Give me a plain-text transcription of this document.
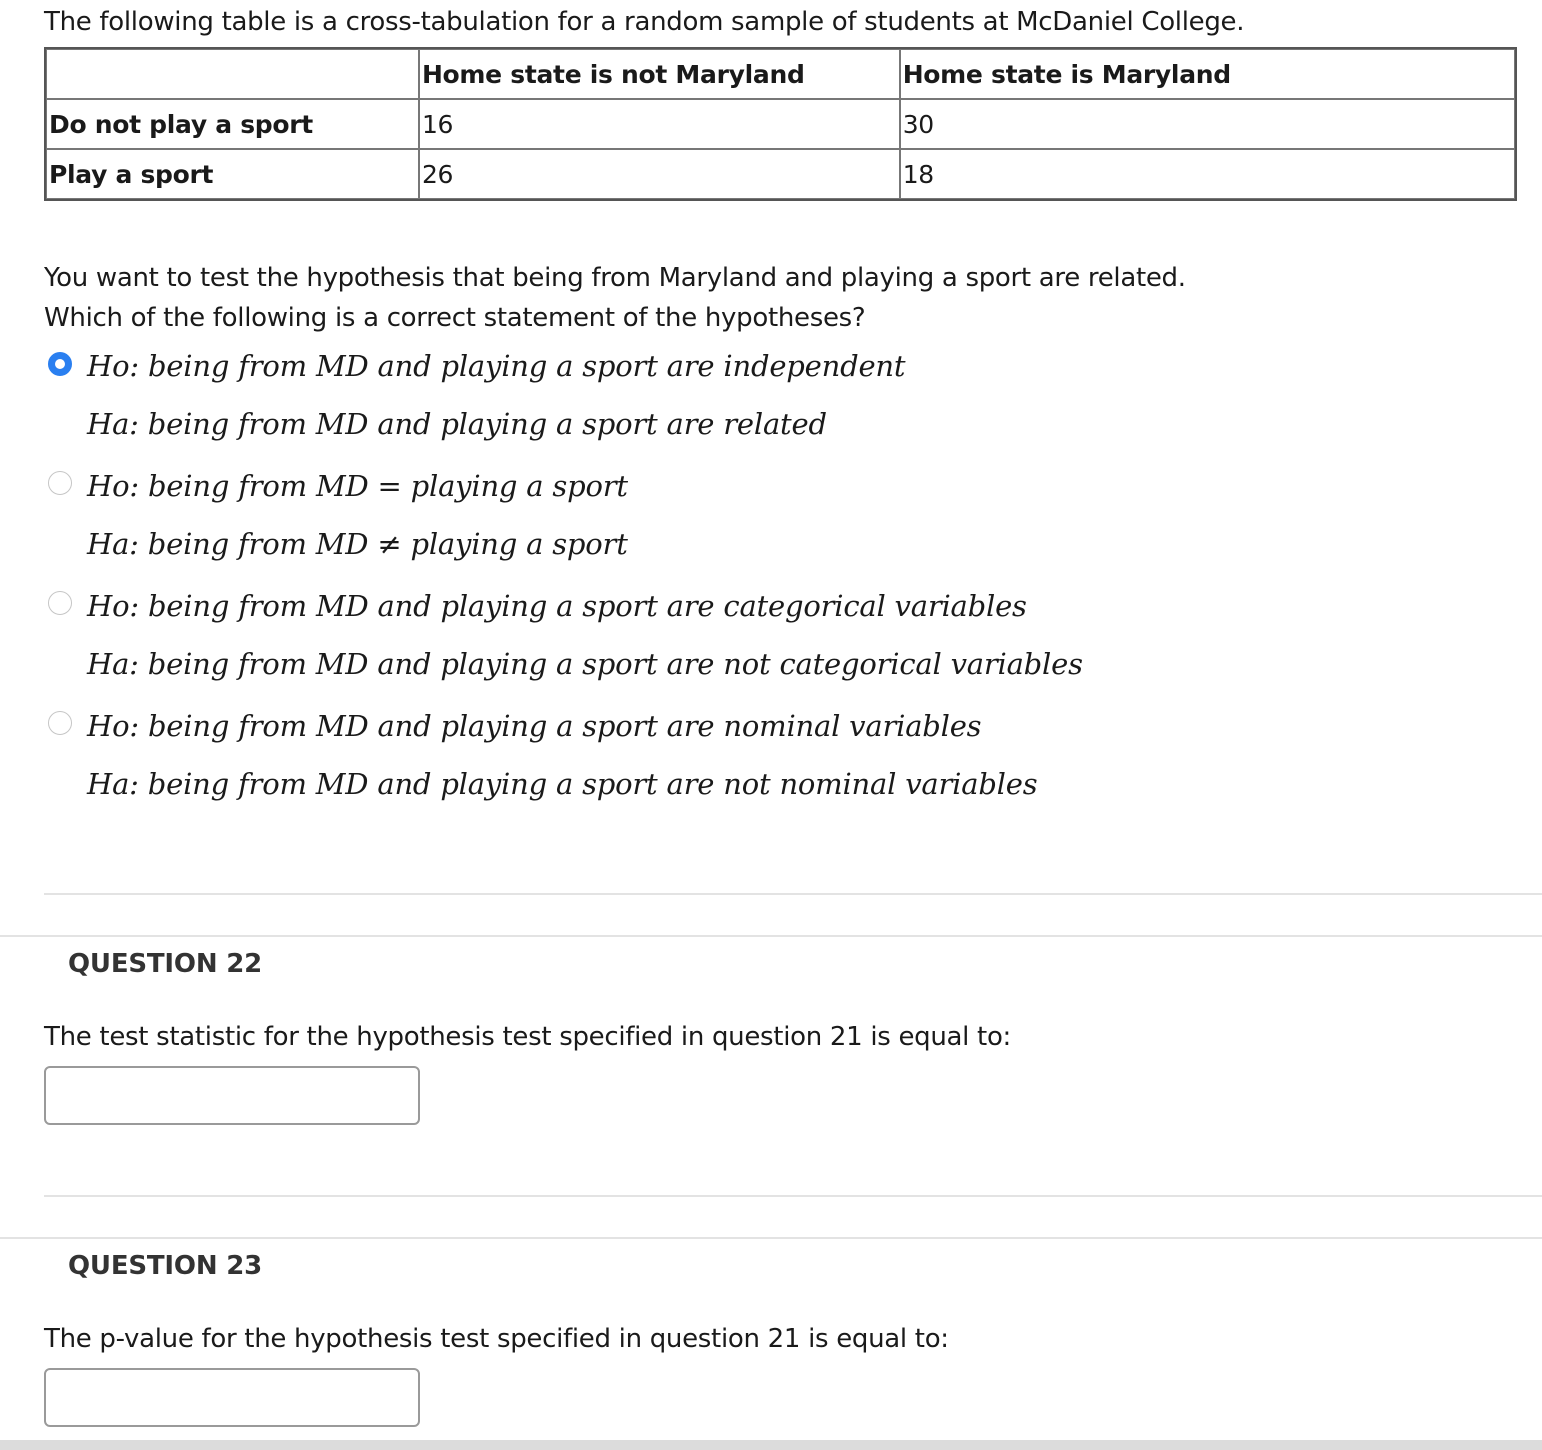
The following table is a cross-tabulation for a random sample of students at McDaniel College.
	Home state is not Maryland	Home state is Maryland
Do not play a sport	16	30
Play a sport	26	18
You want to test the hypothesis that being from Maryland and playing a sport are related.
Which of the following is a correct statement of the hypotheses?
Ho: being from MD and playing a sport are independent
Ha: being from MD and playing a sport are related
Ho: being from MD = playing a sport
Ha: being from MD ≠ playing a sport
Ho: being from MD and playing a sport are categorical variables
Ha: being from MD and playing a sport are not categorical variables
Ho: being from MD and playing a sport are nominal variables
Ha: being from MD and playing a sport are not nominal variables
QUESTION 22
The test statistic for the hypothesis test specified in question 21 is equal to:
QUESTION 23
The p-value for the hypothesis test specified in question 21 is equal to:
